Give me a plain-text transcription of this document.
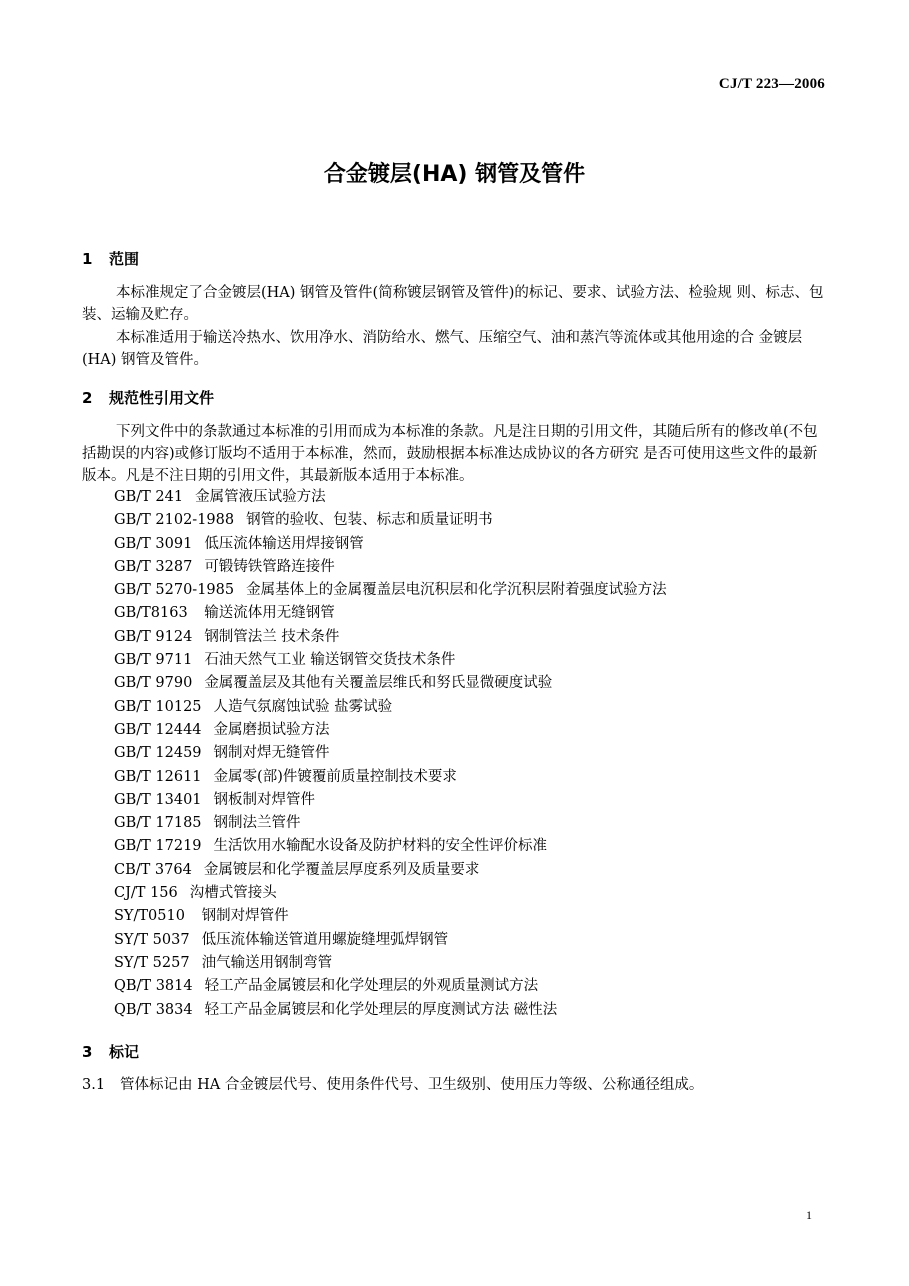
CJ/T 223—2006
合金镀层(HA) 钢管及管件
1 范围
本标准规定了合金镀层(HA) 钢管及管件(简称镀层钢管及管件)的标记、要求、试验方法、检验规 则、标志、包装、运输及贮存。
本标准适用于输送冷热水、饮用净水、消防给水、燃气、压缩空气、油和蒸汽等流体或其他用途的合 金镀层(HA) 钢管及管件。
2 规范性引用文件
下列文件中的条款通过本标准的引用而成为本标准的条款。凡是注日期的引用文件，其随后所有的修改单(不包括勘误的内容)或修订版均不适用于本标准，然而，鼓励根据本标准达成协议的各方研究 是否可使用这些文件的最新版本。凡是不注日期的引用文件，其最新版本适用于本标准。
GB/T 241 金属管液压试验方法
GB/T 2102-1988 钢管的验收、包装、标志和质量证明书
GB/T 3091 低压流体输送用焊接钢管
GB/T 3287 可锻铸铁管路连接件
GB/T 5270-1985 金属基体上的金属覆盖层电沉积层和化学沉积层附着强度试验方法
GB/T8163 输送流体用无缝钢管
GB/T 9124 钢制管法兰 技术条件
GB/T 9711 石油天然气工业 输送钢管交货技术条件
GB/T 9790 金属覆盖层及其他有关覆盖层维氏和努氏显微硬度试验
GB/T 10125 人造气氛腐蚀试验 盐雾试验
GB/T 12444 金属磨损试验方法
GB/T 12459 钢制对焊无缝管件
GB/T 12611 金属零(部)件镀覆前质量控制技术要求
GB/T 13401 钢板制对焊管件
GB/T 17185 钢制法兰管件
GB/T 17219 生活饮用水输配水设备及防护材料的安全性评价标准
CB/T 3764 金属镀层和化学覆盖层厚度系列及质量要求
CJ/T 156 沟槽式管接头
SY/T0510 钢制对焊管件
SY/T 5037 低压流体输送管道用螺旋缝埋弧焊钢管
SY/T 5257 油气输送用钢制弯管
QB/T 3814 轻工产品金属镀层和化学处理层的外观质量测试方法
QB/T 3834 轻工产品金属镀层和化学处理层的厚度测试方法 磁性法
3 标记
3.1 管体标记由 HA 合金镀层代号、使用条件代号、卫生级别、使用压力等级、公称通径组成。
1
